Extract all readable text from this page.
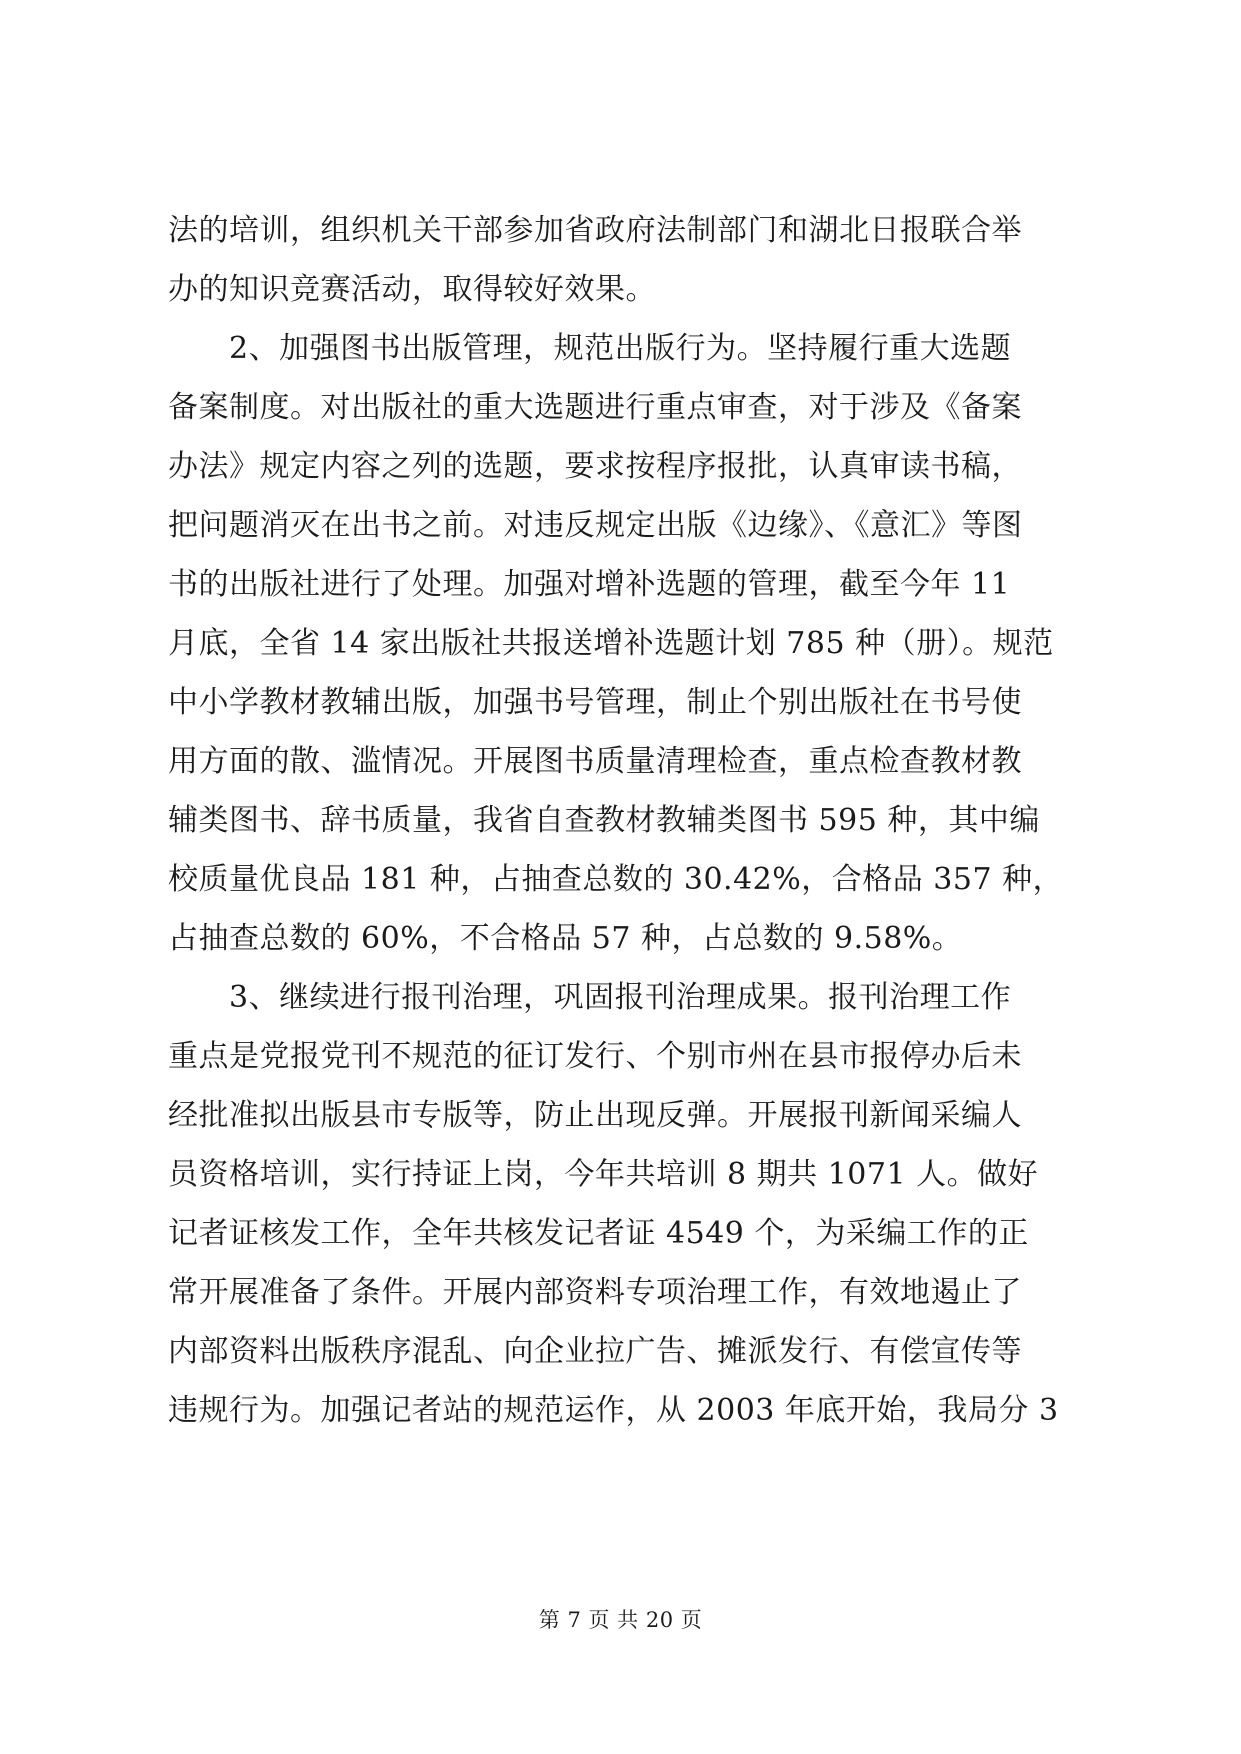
法的培训，组织机关干部参加省政府法制部门和湖北日报联合举
办的知识竞赛活动，取得较好效果。
　　2、加强图书出版管理，规范出版行为。坚持履行重大选题
备案制度。对出版社的重大选题进行重点审查，对于涉及《备案
办法》规定内容之列的选题，要求按程序报批，认真审读书稿，
把问题消灭在出书之前。对违反规定出版《边缘》、《意汇》等图
书的出版社进行了处理。加强对增补选题的管理，截至今年 11
月底，全省 14 家出版社共报送增补选题计划 785 种（册）。规范
中小学教材教辅出版，加强书号管理，制止个别出版社在书号使
用方面的散、滥情况。开展图书质量清理检查，重点检查教材教
辅类图书、辞书质量，我省自查教材教辅类图书 595 种，其中编
校质量优良品 181 种，占抽查总数的 30.42%，合格品 357 种，
占抽查总数的 60%，不合格品 57 种，占总数的 9.58%。
　　3、继续进行报刊治理，巩固报刊治理成果。报刊治理工作
重点是党报党刊不规范的征订发行、个别市州在县市报停办后未
经批准拟出版县市专版等，防止出现反弹。开展报刊新闻采编人
员资格培训，实行持证上岗，今年共培训 8 期共 1071 人。做好
记者证核发工作，全年共核发记者证 4549 个，为采编工作的正
常开展准备了条件。开展内部资料专项治理工作，有效地遏止了
内部资料出版秩序混乱、向企业拉广告、摊派发行、有偿宣传等
违规行为。加强记者站的规范运作，从 2003 年底开始，我局分 3
第 7 页 共 20 页
